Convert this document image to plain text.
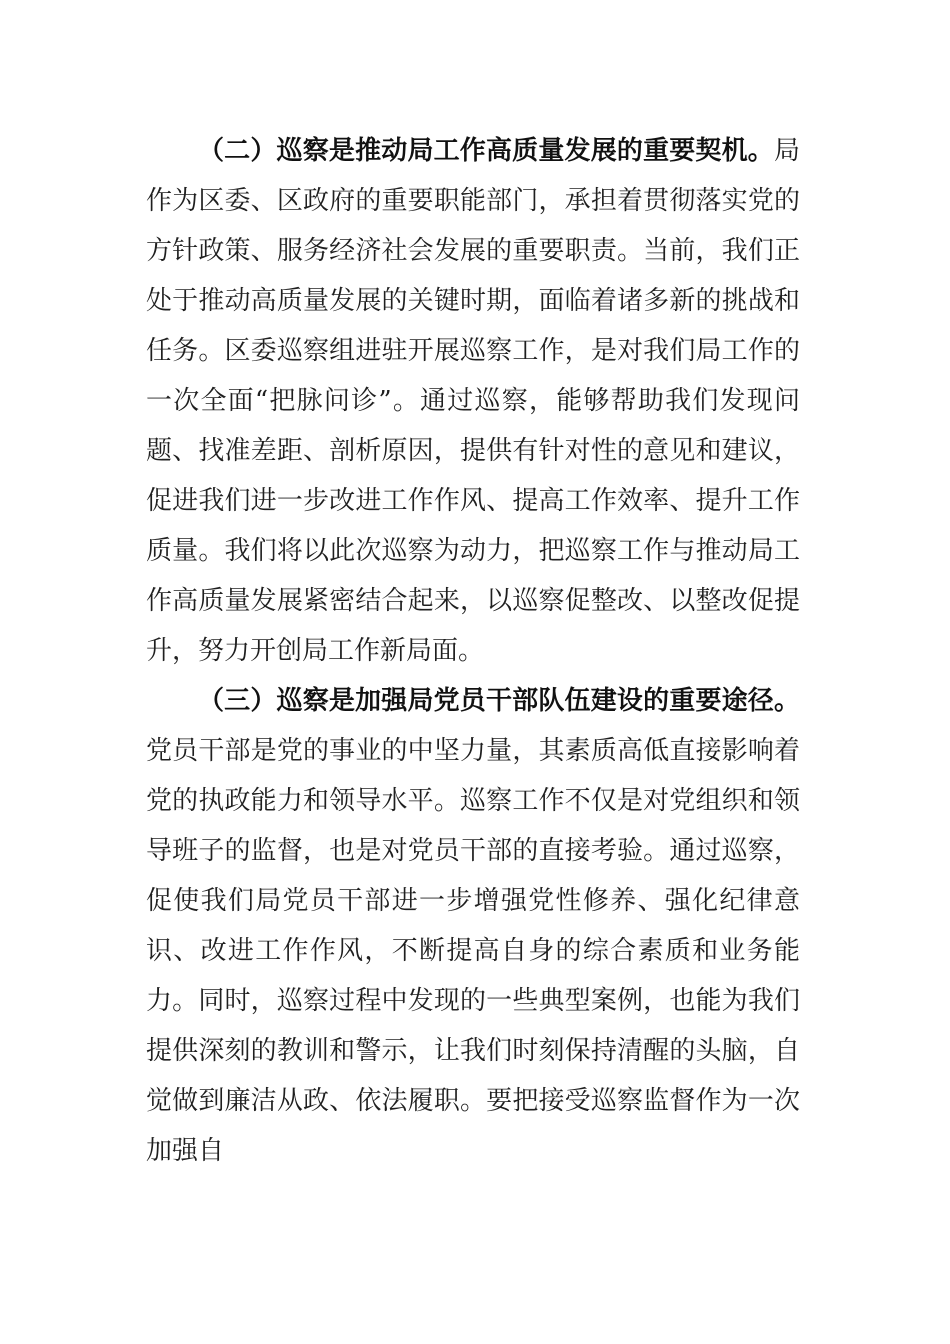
（二）巡察是推动局工作高质量发展的重要契机。局作为区委、区政府的重要职能部门，承担着贯彻落实党的方针政策、服务经济社会发展的重要职责。当前，我们正处于推动高质量发展的关键时期，面临着诸多新的挑战和任务。区委巡察组进驻开展巡察工作，是对我们局工作的一次全面“把脉问诊”。通过巡察，能够帮助我们发现问题、找准差距、剖析原因，提供有针对性的意见和建议，促进我们进一步改进工作作风、提高工作效率、提升工作质量。我们将以此次巡察为动力，把巡察工作与推动局工作高质量发展紧密结合起来，以巡察促整改、以整改促提升，努力开创局工作新局面。

（三）巡察是加强局党员干部队伍建设的重要途径。党员干部是党的事业的中坚力量，其素质高低直接影响着党的执政能力和领导水平。巡察工作不仅是对党组织和领导班子的监督，也是对党员干部的直接考验。通过巡察，促使我们局党员干部进一步增强党性修养、强化纪律意识、改进工作作风，不断提高自身的综合素质和业务能力。同时，巡察过程中发现的一些典型案例，也能为我们提供深刻的教训和警示，让我们时刻保持清醒的头脑，自觉做到廉洁从政、依法履职。要把接受巡察监督作为一次加强自
